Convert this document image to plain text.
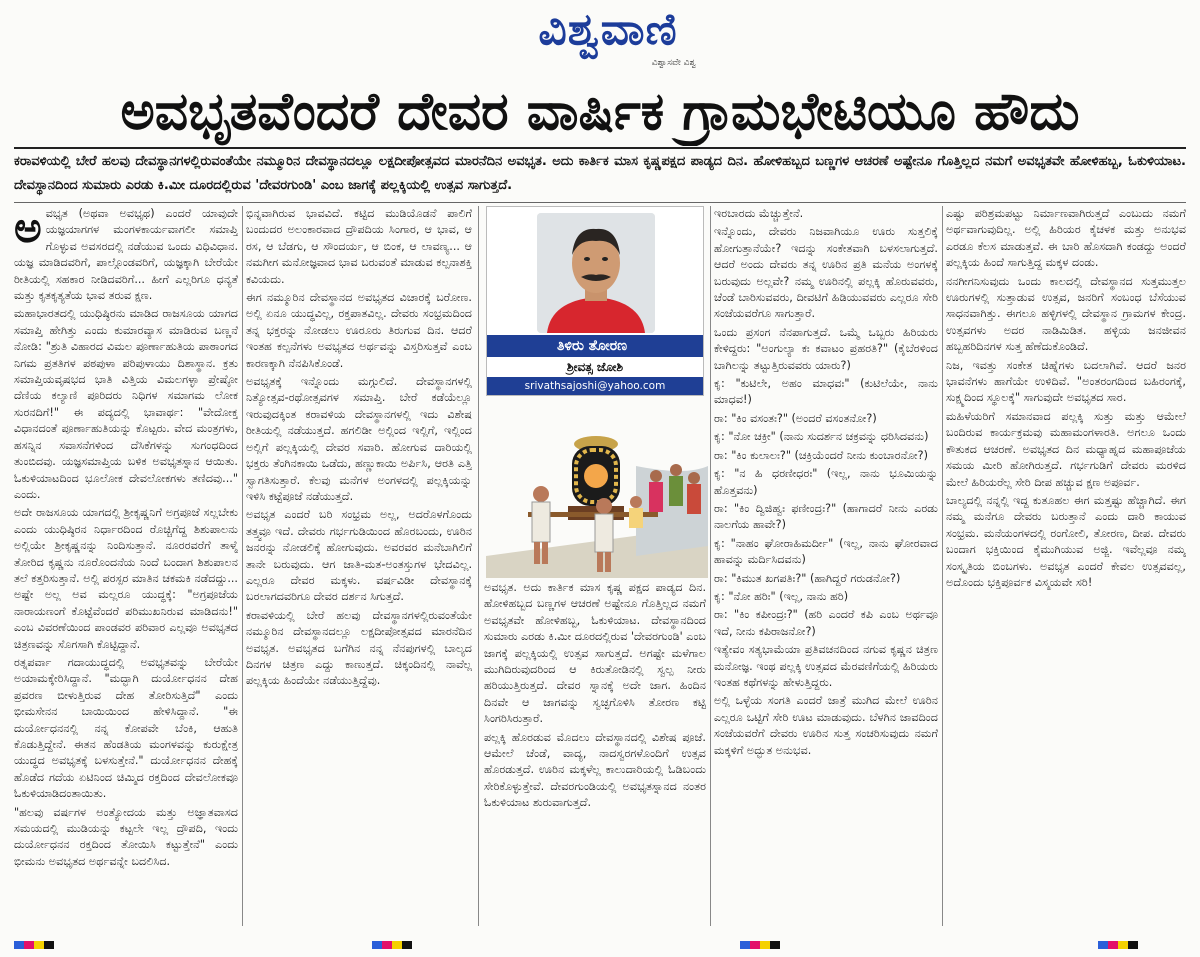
ವಿಶ್ವವಾಣಿ
ವಿಶ್ವಾಸವೇ ವಿಶ್ವ
ಅವಭೃತವೆಂದರೆ ದೇವರ ವಾರ್ಷಿಕ ಗ್ರಾಮಭೇಟಿಯೂ ಹೌದು
ಕರಾವಳಿಯಲ್ಲಿ ಬೇರೆ ಹಲವು ದೇವಸ್ಥಾನಗಳಲ್ಲಿರುವಂತೆಯೇ ನಮ್ಮೂರಿನ ದೇವಸ್ಥಾನದಲ್ಲೂ ಲಕ್ಷದೀಪೋತ್ಸವದ ಮಾರನೆದಿನ ಅವಭೃತ. ಅದು ಕಾರ್ತಿಕ ಮಾಸ ಕೃಷ್ಣಪಕ್ಷದ ಪಾಡ್ಯದ ದಿನ. ಹೋಳಿಹಬ್ಬದ ಬಣ್ಣಗಳ ಆಚರಣೆ ಅಷ್ಟೇನೂ ಗೊತ್ತಿಲ್ಲದ ನಮಗೆ ಅವಭೃತವೇ ಹೋಳಿಹಬ್ಬ, ಓಕುಳಿಯಾಟ. ದೇವಸ್ಥಾನದಿಂದ ಸುಮಾರು ಎರಡು ಕಿ.ಮೀ ದೂರದಲ್ಲಿರುವ 'ದೇವರಗುಂಡಿ' ಎಂಬ ಜಾಗಕ್ಕೆ ಪಲ್ಲಕ್ಕಿಯಲ್ಲಿ ಉತ್ಸವ ಸಾಗುತ್ತದೆ.
ಅ ವಭೃತ (ಅಥವಾ ಅವಭೃಥ) ಎಂದರೆ ಯಾವುದೇ ಯಜ್ಞಯಾಗಗಳ ಮಂಗಳಕಾರ್ಯವಾಗಲೀ ಸಮಾಪ್ತಿ ಗೊಳ್ಳುವ ಅವಸರದಲ್ಲಿ ನಡೆಯುವ ಒಂದು ವಿಧಿವಿಧಾನ. ಯಜ್ಞ ಮಾಡಿದವರಿಗೆ, ಪಾಲ್ಗೊಂಡವರಿಗೆ, ಯಜ್ಞಕ್ಕಾಗಿ ಬೇರೆಯೇ ರೀತಿಯಲ್ಲಿ ಸಹಕಾರ ನೀಡಿದವರಿಗೆ... ಹೀಗೆ ಎಲ್ಲರಿಗೂ ಧನ್ಯತೆ ಮತ್ತು ಕೃತಕೃತ್ಯತೆಯ ಭಾವ ತರುವ ಕ್ಷಣ.

ಮಹಾಭಾರತದಲ್ಲಿ ಯುಧಿಷ್ಠಿರನು ಮಾಡಿದ ರಾಜಸೂಯ ಯಾಗದ ಸಮಾಪ್ತಿ ಹೇಗಿತ್ತು ಎಂದು ಕುಮಾರವ್ಯಾಸ ಮಾಡಿರುವ ಬಣ್ಣನೆ ನೋಡಿ: "ಶ್ರುತಿ ವಿಹಾರದ ವಿಮಲ ಪೂರ್ಣಾಹುತಿಯ ಪಾಠಾಂಗದ ನಿಗಮ ಪ್ರತತಿಗಳ ಪಠಪುಳಾ ಪರಿಪುಳಾಯು ದಿಶಾಸ್ಥಾನ. ಕ್ರತು ಸಮಾಪ್ತಿಯವೃಷಭದ ಭಾತಿ ವಿತ್ತಿಯ ವಿಮಲಗಳ್ಳಾ ಪ್ರೇಷ್ಠೋ ದೆಣಿಯ ಕಲ್ಯಾಣಿ ಪೂರಿದರು ನಿಧಿಗಳ ಸಮಾಗಮ ಲೋಕ ಸುರನದಿಗೆ!" ಈ ಪದ್ಯದಲ್ಲಿ ಭಾವಾರ್ಥ: "ವೇದೋಕ್ತ ವಿಧಾನದಂತೆ ಪೂರ್ಣಾಹುತಿಯನ್ನು ಕೊಟ್ಟರು. ವೇದ ಮಂತ್ರಗಳು, ಹಸನ್ನಿನ ಸವಾಸನೆಗಳಿಂದ ದೆಸಿಕೆಗಳನ್ನು ಸುಗಂಧದಿಂದ ತುಂಬಿದವು. ಯಜ್ಞಸಮಾಪ್ತಿಯ ಬಳಿಕ ಅವಭೃತಸ್ನಾನ ಆಯಿತು. ಓಕುಳಿಯಾಟದಿಂದ ಭೂಲೋಕ ದೇವಲೋಕಗಳು ತಣಿದವು..." ಎಂದು.

ಅದೇ ರಾಜಸೂಯ ಯಾಗದಲ್ಲಿ ಶ್ರೀಕೃಷ್ಣನಿಗೆ ಅಗ್ರಪೂಜೆ ಸಲ್ಲಬೇಕು ಎಂದು ಯುಧಿಷ್ಠಿರನ ನಿರ್ಧಾರದಿಂದ ರೊಚ್ಚಿಗೆದ್ದ ಶಿಶುಪಾಲನು ಅಲ್ಲಿಯೇ ಶ್ರೀಕೃಷ್ಣನನ್ನು ನಿಂದಿಸುತ್ತಾನೆ. ನೂರರವರೆಗೆ ತಾಳ್ಮೆ ತೋರಿದ ಕೃಷ್ಣನು ನೂರೊಂದನೆಯ ನಿಂದೆ ಬಂದಾಗ ಶಿಶುಪಾಲನ ತಲೆ ಕತ್ತರಿಸುತ್ತಾನೆ. ಅಲ್ಲಿ ಪರಸ್ಪರ ಮಾತಿನ ಚಕಮಕಿ ನಡೆದದ್ದು... ಅಷ್ಟೇ ಅಲ್ಲ ಅವ ಮಲ್ಲರೂ ಯುದ್ಧಕ್ಕೆ: "ಅಗ್ರಪೂಜೆಯ ನಾರಾಯಣಂಗೆ ಕೊಟ್ಟೆವೆಂದರೆ ಪರಿಮುಖನಿರುವ ಮಾಡಿದನು!" ಎಂಬ ವಿವರಣೆಯಿಂದ ಪಾಂಡವರ ಪರಿವಾರ ಎಲ್ಲವೂ ಅವಭೃತದ ಚಿತ್ರಣವನ್ನು ಸೊಗಸಾಗಿ ಕೊಟ್ಟಿದ್ದಾನೆ.

ರತ್ನಪರ್ವಾ ಗದಾಯುದ್ಧದಲ್ಲಿ ಅವಭೃತವನ್ನು ಬೇರೆಯೇ ಅಯಾಮಕ್ಕೇರಿಸಿದ್ದಾನೆ. "ಮದ್ಭಾಗಿ ದುರ್ಯೋಧನನ ದೇಹ ಪ್ರವರಣ ಬೀಳುತ್ತಿರುವ ದೇಹ ತೋರಿಸುತ್ತಿದೆ" ಎಂದು ಭೀಮಸೇನನ ಬಾಯಿಯಿಂದ ಹೇಳಿಸಿದ್ದಾನೆ. "ಈ ದುರ್ಯೋಧನನಲ್ಲಿ ನನ್ನ ಕೋಪವೇ ಬೆಂಕಿ, ಆಹುತಿ ಕೊಡುತ್ತಿದ್ದೇನೆ. ಈತನ ಹೆಂಡತಿಯ ಮಂಗಳವನ್ನು ಕುರುಕ್ಷೇತ್ರ ಯುದ್ಧದ ಅವಭೃತಕ್ಕೆ ಬಳಸುತ್ತೇನೆ." ದುರ್ಯೋಧನನ ದೇಹಕ್ಕೆ ಹೊಡೆದ ಗದೆಯ ಏಟಿನಿಂದ ಚಿಮ್ಮಿದ ರಕ್ತದಿಂದ ದೇವಲೋಕವೂ ಓಕುಳಿಯಾಡಿದಂತಾಯಿತು.

"ಹಲವು ವರ್ಷಗಳ ಅಂತ್ಯೋದಯ ಮತ್ತು ಅಜ್ಞಾತವಾಸದ ಸಮಯದಲ್ಲಿ ಮುಡಿಯನ್ನು ಕಟ್ಟಲೇ ಇಲ್ಲ ದ್ರೌಪದಿ, ಇಂದು ದುರ್ಯೋಧನನ ರಕ್ತದಿಂದ ತೋಯಿಸಿ ಕಟ್ಟುತ್ತೇನೆ" ಎಂದು ಭೀಮನು ಅವಭೃತದ ಅರ್ಥವನ್ನೇ ಬದಲಿಸಿದ.

ಭಿನ್ನವಾಗಿರುವ ಭಾವವಿದೆ. ಕಟ್ಟಿದ ಮುಡಿಯೊಡನೆ ಪಾಲಿಗೆ ಬಂದುದರ ಅಲಂಕಾರವಾದ ದ್ರೌಪದಿಯ ಸಿಂಗಾರ, ಆ ಭಾವ, ಆ ರಸ, ಆ ಬೆಡಗು, ಆ ಸೌಂದರ್ಯ, ಆ ಬಿಂಕ, ಆ ಲಾವಣ್ಯ... ಆ ನಮಗೀಗ ಮನೋಜ್ಞವಾದ ಭಾವ ಬರುವಂತೆ ಮಾಡುವ ಕಲ್ಪನಾಶಕ್ತಿ ಕವಿಯದು.

ಈಗ ನಮ್ಮೂರಿನ ದೇವಸ್ಥಾನದ ಅವಭೃತದ ವಿಚಾರಕ್ಕೆ ಬರೋಣ. ಅಲ್ಲಿ ಏನೂ ಯುದ್ಧವಿಲ್ಲ, ರಕ್ತಪಾತವಿಲ್ಲ. ದೇವರು ಸಂಭ್ರಮದಿಂದ ತನ್ನ ಭಕ್ತರನ್ನು ನೋಡಲು ಊರೂರು ತಿರುಗುವ ದಿನ. ಆದರೆ ಇಂತಹ ಕಲ್ಪನೆಗಳು ಅವಭೃತದ ಅರ್ಥವನ್ನು ವಿಸ್ತರಿಸುತ್ತವೆ ಎಂಬ ಕಾರಣಕ್ಕಾಗಿ ನೆನಪಿಸಿಕೊಂಡೆ.

ಅವಭೃತಕ್ಕೆ ಇನ್ನೊಂದು ಮಗ್ಗುಲಿದೆ. ದೇವಸ್ಥಾನಗಳಲ್ಲಿ ನಿತ್ಯೋತ್ಸವ-ರಥೋತ್ಸವಗಳ ಸಮಾಪ್ತಿ. ಬೇರೆ ಕಡೆಯೆಲ್ಲೂ ಇರುವುದಕ್ಕಿಂತ ಕರಾವಳಿಯ ದೇವಸ್ಥಾನಗಳಲ್ಲಿ ಇದು ವಿಶೇಷ ರೀತಿಯಲ್ಲಿ ನಡೆಯುತ್ತದೆ. ಹಗಲಿಡೀ ಅಲ್ಲಿಂದ ಇಲ್ಲಿಗೆ, ಇಲ್ಲಿಂದ ಅಲ್ಲಿಗೆ ಪಲ್ಲಕ್ಕಿಯಲ್ಲಿ ದೇವರ ಸವಾರಿ. ಹೋಗುವ ದಾರಿಯಲ್ಲಿ ಭಕ್ತರು ತೆಂಗಿನಕಾಯಿ ಒಡೆದು, ಹಣ್ಣುಕಾಯಿ ಅರ್ಪಿಸಿ, ಆರತಿ ಎತ್ತಿ ಸ್ವಾಗತಿಸುತ್ತಾರೆ. ಕೆಲವು ಮನೆಗಳ ಅಂಗಳದಲ್ಲಿ ಪಲ್ಲಕ್ಕಿಯನ್ನು ಇಳಿಸಿ ಕಟ್ಟೆಪೂಜೆ ನಡೆಯುತ್ತದೆ.

ಅವಭೃತ ಎಂದರೆ ಬರಿ ಸಂಭ್ರಮ ಅಲ್ಲ, ಅದರೊಳಗೊಂದು ತತ್ತ್ವವೂ ಇದೆ. ದೇವರು ಗರ್ಭಗುಡಿಯಿಂದ ಹೊರಬಂದು, ಊರಿನ ಜನರನ್ನು ನೋಡಲಿಕ್ಕೆ ಹೋಗುವುದು. ಅವರವರ ಮನೆಬಾಗಿಲಿಗೆ ತಾನೇ ಬರುವುದು. ಆಗ ಜಾತಿ-ಮತ-ಅಂತಸ್ತುಗಳ ಭೇದವಿಲ್ಲ. ಎಲ್ಲರೂ ದೇವರ ಮಕ್ಕಳು. ವರ್ಷವಿಡೀ ದೇವಸ್ಥಾನಕ್ಕೆ ಬರಲಾಗದವರಿಗೂ ದೇವರ ದರ್ಶನ ಸಿಗುತ್ತದೆ.

ಕರಾವಳಿಯಲ್ಲಿ ಬೇರೆ ಹಲವು ದೇವಸ್ಥಾನಗಳಲ್ಲಿರುವಂತೆಯೇ ನಮ್ಮೂರಿನ ದೇವಸ್ಥಾನದಲ್ಲೂ ಲಕ್ಷದೀಪೋತ್ಸವದ ಮಾರನೆದಿನ ಅವಭೃತ. ಅವಭೃತದ ಬಗೆಗಿನ ನನ್ನ ನೆನಪುಗಳಲ್ಲಿ ಬಾಲ್ಯದ ದಿನಗಳ ಚಿತ್ರಣ ಎದ್ದು ಕಾಣುತ್ತದೆ. ಚಿಕ್ಕಂದಿನಲ್ಲಿ ನಾವೆಲ್ಲ ಪಲ್ಲಕ್ಕಿಯ ಹಿಂದೆಯೇ ನಡೆಯುತ್ತಿದ್ದೆವು.

ತಿಳಿರು ತೋರಣ
ಶ್ರೀವತ್ಸ ಜೋಶಿ
srivathsajoshi@yahoo.com

ಅವಭೃತ. ಅದು ಕಾರ್ತಿಕ ಮಾಸ ಕೃಷ್ಣ ಪಕ್ಷದ ಪಾಡ್ಯದ ದಿನ. ಹೋಳಿಹಬ್ಬದ ಬಣ್ಣಗಳ ಆಚರಣೆ ಅಷ್ಟೇನೂ ಗೊತ್ತಿಲ್ಲದ ನಮಗೆ ಅವಭೃತವೇ ಹೋಳಿಹಬ್ಬ, ಓಕುಳಿಯಾಟ. ದೇವಸ್ಥಾನದಿಂದ ಸುಮಾರು ಎರಡು ಕಿ.ಮೀ ದೂರದಲ್ಲಿರುವ 'ದೇವರಗುಂಡಿ' ಎಂಬ ಜಾಗಕ್ಕೆ ಪಲ್ಲಕ್ಕಿಯಲ್ಲಿ ಉತ್ಸವ ಸಾಗುತ್ತದೆ. ಅಗಷ್ಟೇ ಮಳೆಗಾಲ ಮುಗಿದಿರುವುದರಿಂದ ಆ ಕಿರುತೋಡಿನಲ್ಲಿ ಸ್ವಲ್ಪ ನೀರು ಹರಿಯುತ್ತಿರುತ್ತದೆ. ದೇವರ ಸ್ನಾನಕ್ಕೆ ಅದೇ ಜಾಗ. ಹಿಂದಿನ ದಿನವೇ ಆ ಜಾಗವನ್ನು ಸ್ವಚ್ಛಗೊಳಿಸಿ ತೋರಣ ಕಟ್ಟಿ ಸಿಂಗರಿಸಿರುತ್ತಾರೆ.

ಪಲ್ಲಕ್ಕಿ ಹೊರಡುವ ಮೊದಲು ದೇವಸ್ಥಾನದಲ್ಲಿ ವಿಶೇಷ ಪೂಜೆ. ಆಮೇಲೆ ಚೆಂಡೆ, ವಾದ್ಯ, ನಾದಸ್ವರಗಳೊಂದಿಗೆ ಉತ್ಸವ ಹೊರಡುತ್ತದೆ. ಊರಿನ ಮಕ್ಕಳೆಲ್ಲ ಕಾಲುದಾರಿಯಲ್ಲಿ ಓಡಿಬಂದು ಸೇರಿಕೊಳ್ಳುತ್ತೇವೆ. ದೇವರಗುಂಡಿಯಲ್ಲಿ ಅವಭೃತಸ್ನಾನದ ನಂತರ ಓಕುಳಿಯಾಟ ಶುರುವಾಗುತ್ತದೆ.

ಇರಬಾರದು ಮೆಚ್ಚುತ್ತೇನೆ.

ಇನ್ನೊಂದು, ದೇವರು ನಿಜವಾಗಿಯೂ ಊರು ಸುತ್ತಲಿಕ್ಕೆ ಹೋಗುತ್ತಾನೆಯೇ? ಇದನ್ನು ಸಂಕೇತವಾಗಿ ಬಳಸಲಾಗುತ್ತದೆ. ಆದರೆ ಅಂದು ದೇವರು ತನ್ನ ಊರಿನ ಪ್ರತಿ ಮನೆಯ ಅಂಗಳಕ್ಕೆ ಬರುವುದು ಅಲ್ಲವೇ? ನಮ್ಮ ಊರಿನಲ್ಲಿ ಪಲ್ಲಕ್ಕಿ ಹೊರುವವರು, ಚೆಂಡೆ ಬಾರಿಸುವವರು, ದೀವಟಿಗೆ ಹಿಡಿಯುವವರು ಎಲ್ಲರೂ ಸೇರಿ ಸಂಜೆಯವರೆಗೂ ಸಾಗುತ್ತಾರೆ.

ಒಂದು ಪ್ರಸಂಗ ನೆನಪಾಗುತ್ತದೆ. ಒಮ್ಮೆ ಒಬ್ಬರು ಹಿರಿಯರು ಕೇಳಿದ್ದರು: "ಅಂಗುಲ್ಯಾ ಕಃ ಕವಾಟಂ ಪ್ರಹರತಿ?" (ಕೈಬೆರಳಿಂದ ಬಾಗಿಲನ್ನು ತಟ್ಟುತ್ತಿರುವವರು ಯಾರು?)

ಕೃ: "ಕುಟಿಲೇ, ಅಹಂ ಮಾಧವಃ" (ಕುಟಿಲೆಯೇ, ನಾನು ಮಾಧವ!)

ರಾ: "ಕಿಂ ವಸಂತಃ?" (ಅಂದರೆ ವಸಂತನೋ?)

ಕೃ: "ನೋ ಚಕ್ರೀ" (ನಾನು ಸುದರ್ಶನ ಚಕ್ರವನ್ನು ಧರಿಸಿದವನು)

ರಾ: "ಕಿಂ ಕುಲಾಲಃ?" (ಚಕ್ರಿಯೆಂದರೆ ನೀನು ಕುಂಬಾರನೋ?)

ಕೃ: "ನ ಹಿ ಧರಣೀಧರಃ" (ಇಲ್ಲ, ನಾನು ಭೂಮಿಯನ್ನು ಹೊತ್ತವನು)

ರಾ: "ಕಿಂ ದ್ವಿಜಿಹ್ವಃ ಫಣೀಂದ್ರಃ?" (ಹಾಗಾದರೆ ನೀನು ಎರಡು ನಾಲಗೆಯ ಹಾವೇ?)

ಕೃ: "ನಾಹಂ ಘೋರಾಹಿಮರ್ದೀ" (ಇಲ್ಲ, ನಾನು ಘೋರವಾದ ಹಾವನ್ನು ಮರ್ದಿಸಿದವನು)

ರಾ: "ಕಿಮುತ ಖಗಪತಿಃ?" (ಹಾಗಿದ್ದರೆ ಗರುಡನೋ?)

ಕೃ: "ನೋ ಹರಿಃ" (ಇಲ್ಲ, ನಾನು ಹರಿ)

ರಾ: "ಕಿಂ ಕಪೀಂದ್ರಃ?" (ಹರಿ ಎಂದರೆ ಕಪಿ ಎಂಬ ಅರ್ಥವೂ ಇದೆ, ನೀನು ಕಪಿರಾಜನೋ?)

ಇತ್ಯೇವಂ ಸತ್ಯಭಾಮೆಯಾ ಪ್ರತಿವಚನದಿಂದ ನಗುವ ಕೃಷ್ಣನ ಚಿತ್ರಣ ಮನೋಜ್ಞ. ಇಂಥ ಪಲ್ಲಕ್ಕಿ ಉತ್ಸವದ ಮೆರವಣಿಗೆಯಲ್ಲಿ ಹಿರಿಯರು ಇಂತಹ ಕಥೆಗಳನ್ನು ಹೇಳುತ್ತಿದ್ದರು.

ಅಲ್ಲಿ ಒಳ್ಳೆಯ ಸಂಗತಿ ಎಂದರೆ ಜಾತ್ರೆ ಮುಗಿದ ಮೇಲೆ ಊರಿನ ಎಲ್ಲರೂ ಒಟ್ಟಿಗೆ ಸೇರಿ ಊಟ ಮಾಡುವುದು. ಬೆಳಗಿನ ಜಾವದಿಂದ ಸಂಜೆಯವರೆಗೆ ದೇವರು ಊರಿನ ಸುತ್ತ ಸಂಚರಿಸುವುದು ನಮಗೆ ಮಕ್ಕಳಿಗೆ ಅದ್ಭುತ ಅನುಭವ.

ಎಷ್ಟು ಪರಿಶ್ರಮಪಟ್ಟು ನಿರ್ಮಾಣವಾಗಿರುತ್ತದೆ ಎಂಬುದು ನಮಗೆ ಅರ್ಥವಾಗುವುದಿಲ್ಲ. ಅಲ್ಲಿ ಹಿರಿಯರ ಕೈಚಳಕ ಮತ್ತು ಅನುಭವ ಎರಡೂ ಕೆಲಸ ಮಾಡುತ್ತವೆ. ಈ ಬಾರಿ ಹೊಸದಾಗಿ ಕಂಡದ್ದು ಅಂದರೆ ಪಲ್ಲಕ್ಕಿಯ ಹಿಂದೆ ಸಾಗುತ್ತಿದ್ದ ಮಕ್ಕಳ ದಂಡು.

ನನಗೀಗನಿಸುವುದು ಒಂದು ಕಾಲದಲ್ಲಿ ದೇವಸ್ಥಾನದ ಸುತ್ತಮುತ್ತಲ ಊರುಗಳಲ್ಲಿ ಸುತ್ತಾಡುವ ಉತ್ಸವ, ಜನರಿಗೆ ಸಂಬಂಧ ಬೆಸೆಯುವ ಸಾಧನವಾಗಿತ್ತು. ಈಗಲೂ ಹಳ್ಳಿಗಳಲ್ಲಿ ದೇವಸ್ಥಾನ ಗ್ರಾಮಗಳ ಕೇಂದ್ರ. ಉತ್ಸವಗಳು ಅದರ ನಾಡಿಮಿಡಿತ. ಹಳ್ಳಿಯ ಜನಜೀವನ ಹಬ್ಬಹರಿದಿನಗಳ ಸುತ್ತ ಹೆಣೆದುಕೊಂಡಿದೆ.

ನಿಜ, ಇವತ್ತು ಸಂಕೇತ ಚಿಹ್ನೆಗಳು ಬದಲಾಗಿವೆ. ಆದರೆ ಜನರ ಭಾವನೆಗಳು ಹಾಗೆಯೇ ಉಳಿದಿವೆ. "ಅಂತರಂಗದಿಂದ ಬಹಿರಂಗಕ್ಕೆ, ಸುಕ್ಷ್ಮದಿಂದ ಸ್ಥೂಲಕ್ಕೆ" ಸಾಗುವುದೇ ಅವಭೃತದ ಸಾರ.

ಮಹಿಳೆಯರಿಗೆ ಸಮಾನವಾದ ಪಲ್ಲಕ್ಕಿ ಸುತ್ತು ಮತ್ತು ಆಮೇಲೆ ಬಂದಿರುವ ಕಾರ್ಯಕ್ರಮವು ಮಹಾಮಂಗಳಾರತಿ. ಅಗಲೂ ಒಂದು ಕೌತುಕದ ಆಚರಣೆ. ಅವಭೃತದ ದಿನ ಮಧ್ಯಾಹ್ನದ ಮಹಾಪೂಜೆಯ ಸಮಯ ಮೀರಿ ಹೋಗಿರುತ್ತದೆ. ಗರ್ಭಗುಡಿಗೆ ದೇವರು ಮರಳಿದ ಮೇಲೆ ಹಿರಿಯರೆಲ್ಲ ಸೇರಿ ದೀಪ ಹಚ್ಚುವ ಕ್ಷಣ ಅಪೂರ್ವ.

ಬಾಲ್ಯದಲ್ಲಿ ನನ್ನಲ್ಲಿ ಇದ್ದ ಕುತೂಹಲ ಈಗ ಮತ್ತಷ್ಟು ಹೆಚ್ಚಾಗಿದೆ. ಈಗ ನಮ್ಮ ಮನೆಗೂ ದೇವರು ಬರುತ್ತಾನೆ ಎಂದು ದಾರಿ ಕಾಯುವ ಸಂಭ್ರಮ. ಮನೆಯಂಗಳದಲ್ಲಿ ರಂಗೋಲಿ, ತೋರಣ, ದೀಪ. ದೇವರು ಬಂದಾಗ ಭಕ್ತಿಯಿಂದ ಕೈಮುಗಿಯುವ ಅಜ್ಜಿ. ಇವೆಲ್ಲವೂ ನಮ್ಮ ಸಂಸ್ಕೃತಿಯ ಬಿಂಬಗಳು. ಅವಭೃತ ಎಂದರೆ ಕೇವಲ ಉತ್ಸವವಲ್ಲ, ಅದೊಂದು ಭಕ್ತಿಪೂರ್ವಕ ವಿಸ್ಮಯವೇ ಸರಿ!
